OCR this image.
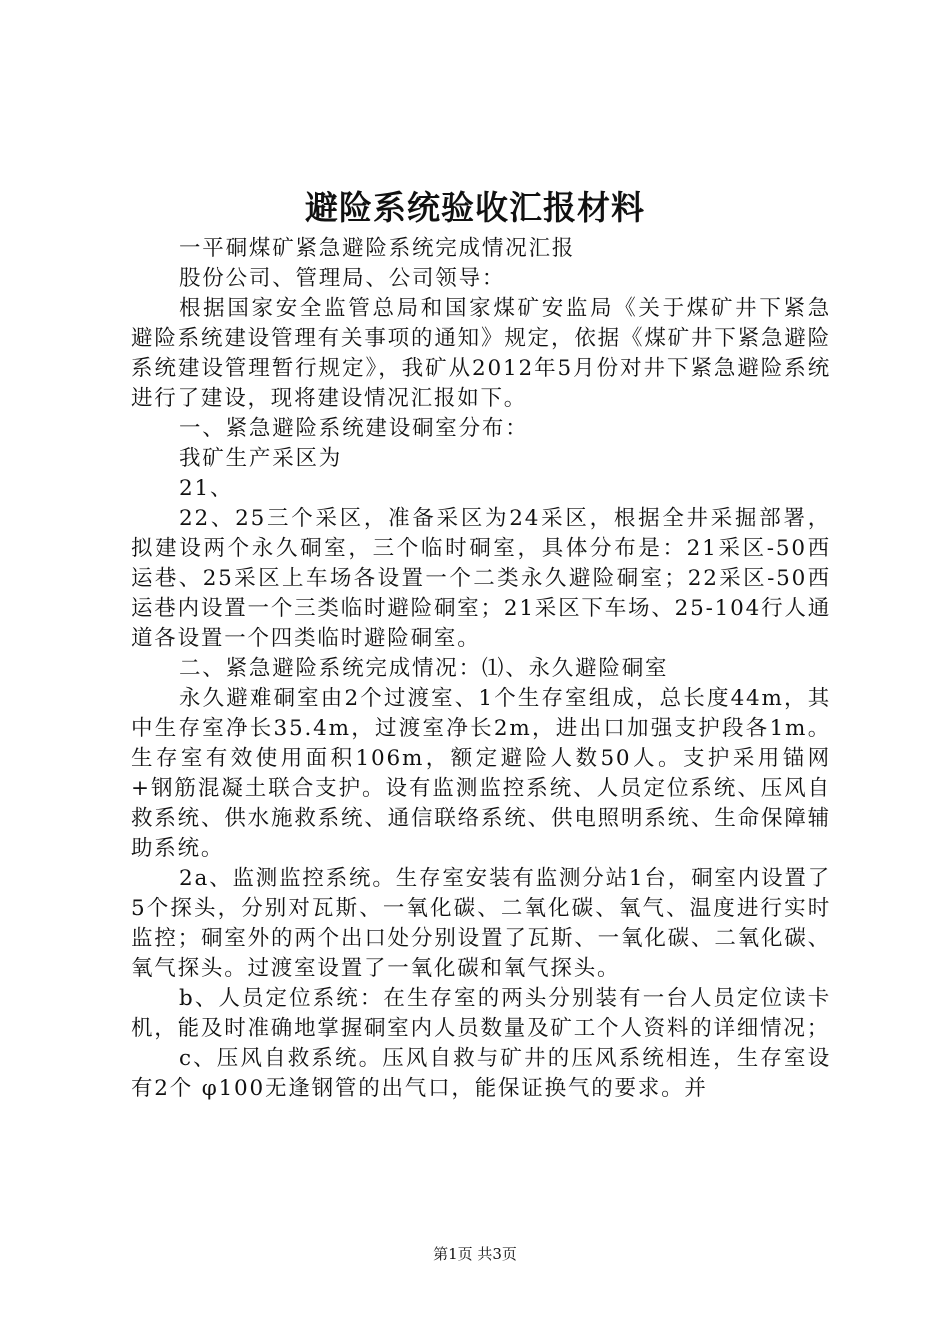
避险系统验收汇报材料

一平硐煤矿紧急避险系统完成情况汇报

股份公司、管理局、公司领导：

根据国家安全监管总局和国家煤矿安监局《关于煤矿井下紧急避险系统建设管理有关事项的通知》规定，依据《煤矿井下紧急避险系统建设管理暂行规定》，我矿从2012年5月份对井下紧急避险系统进行了建设，现将建设情况汇报如下。

一、紧急避险系统建设硐室分布：

我矿生产采区为

21、

22、25三个采区，准备采区为24采区，根据全井采掘部署，拟建设两个永久硐室，三个临时硐室，具体分布是：21采区-50西运巷、25采区上车场各设置一个二类永久避险硐室；22采区-50西运巷内设置一个三类临时避险硐室；21采区下车场、25-104行人通道各设置一个四类临时避险硐室。

二、紧急避险系统完成情况：⑴、永久避险硐室

永久避难硐室由2个过渡室、1个生存室组成，总长度44m，其中生存室净长35.4m，过渡室净长2m，进出口加强支护段各1m。生存室有效使用面积106m，额定避险人数50人。支护采用锚网+钢筋混凝土联合支护。设有监测监控系统、人员定位系统、压风自救系统、供水施救系统、通信联络系统、供电照明系统、生命保障辅助系统。

2a、监测监控系统。生存室安装有监测分站1台，硐室内设置了5个探头，分别对瓦斯、一氧化碳、二氧化碳、氧气、温度进行实时监控；硐室外的两个出口处分别设置了瓦斯、一氧化碳、二氧化碳、氧气探头。过渡室设置了一氧化碳和氧气探头。

b、人员定位系统：在生存室的两头分别装有一台人员定位读卡机，能及时准确地掌握硐室内人员数量及矿工个人资料的详细情况；

c、压风自救系统。压风自救与矿井的压风系统相连，生存室设有2个 φ100无逢钢管的出气口，能保证换气的要求。并

第1页 共3页
